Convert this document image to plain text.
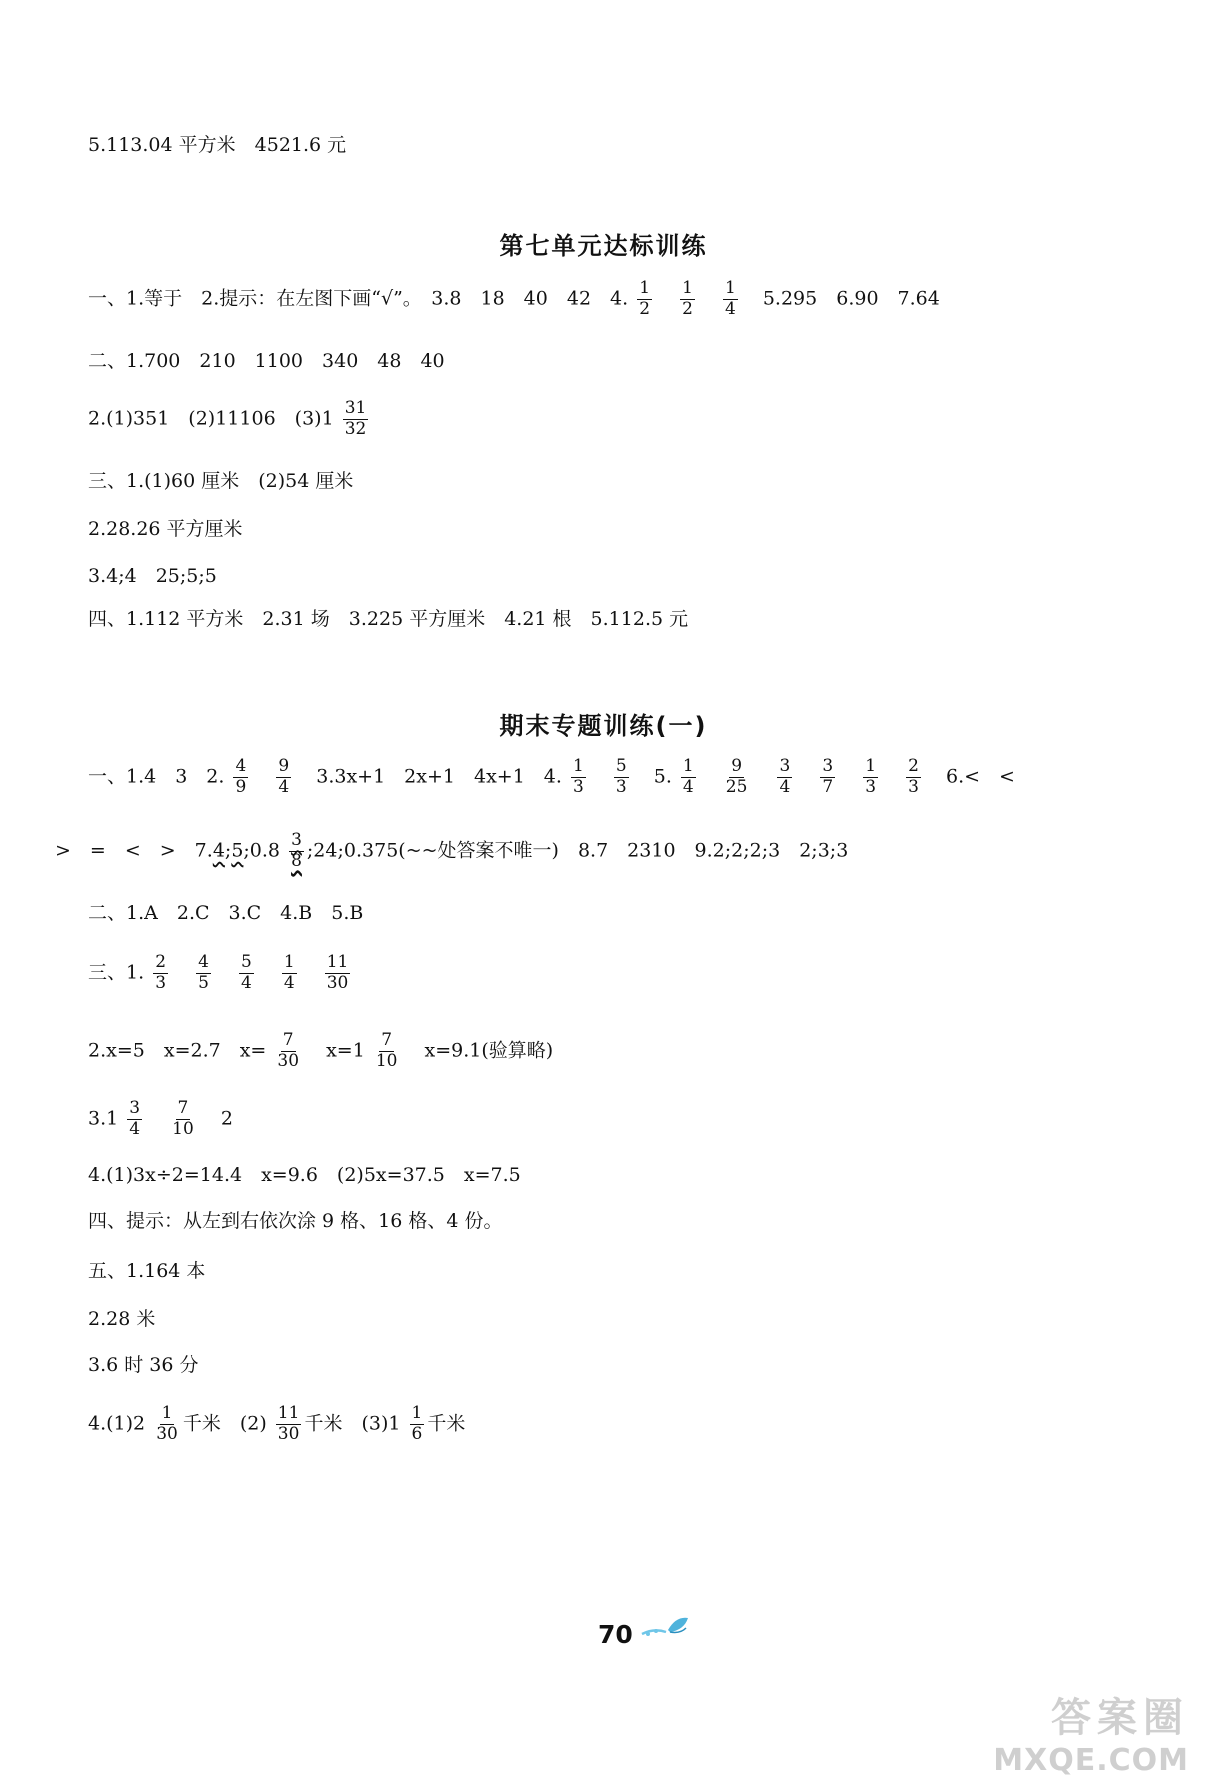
5.113.04 平方米　4521.6 元
第七单元达标训练
一、1.等于　2.提示：在左图下画“√”。　3.8　18　40　42　4. $\frac{1}{2}$
$\frac{1}{2}$
$\frac{1}{4} 5.295$　6.90　7.64
二、1.700　210　1100　340　48　40
2.(1)351　(2)11106　$(3)1 \frac{31}{32}$
三、1.(1)60 厘米　(2)54 厘米
2.28.26 平方厘米
3.4;4　25;5;5
四、1.112 平方米　2.31 场　3.225 平方厘米　4.21 根　5.112.5 元
期末专题训练(一)
一、1.4　3　2. $\frac{4}{9}$
$\frac{9}{4} 3.3x+1$　2x+1　4x+1　4. $\frac{1}{3}$
$\frac{5}{3} 5$. $\frac{1}{4}$
$\frac{9}{25}$
$\frac{3}{4}$
$\frac{3}{7}$
$\frac{1}{3}$
$\frac{2}{3} 6.<$　<
>　=　<　>　7.4;5;0.8 $\frac{3}{8}$ ;24;0.375(~~处答案不唯一)　8.7　2310　9.2;2;2;3　2;3;3
二、1.A　2.C　3.C　4.B　5.B
三、1. $\frac{2}{3}$
$\frac{4}{5}$
$\frac{5}{4}$
$\frac{1}{4}$
$\frac{11}{30}$
2.x=5　x=2.7　$x= \frac{7}{30} x=1 \frac{7}{10} x=9.1$(验算略)
$3.1 \frac{3}{4}$
$\frac{7}{10} 2$
4.(1)3x÷2=14.4　x=9.6　(2)5x=37.5　x=7.5
四、提示：从左到右依次涂 9 格、16 格、4 份。
五、1.164 本
2.28 米
3.6 时 36 分
$4.(1)2 \frac{1}{30}$ 千米　$(2) \frac{11}{30}$ 千米　$(3)1 \frac{1}{6}$ 千米
70
答案圈
MXQE.COM
